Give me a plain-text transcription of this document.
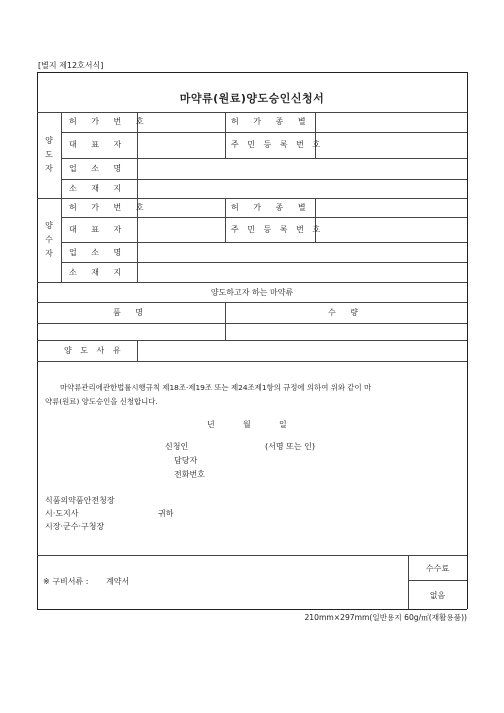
[별지 제12호서식]
마약류(원료)양도승인신청서
양
도
자
허 가 번 호	허 가 종 별
대 표 자	주 민 등 록 번 호
업 소 명
소 재 지
양
수
자
허 가 번 호	허 가 종 별
대 표 자	주 민 등 록 번 호
업 소 명
소 재 지
양도하고자 하는 마약류
품 명	수 량
양 도 사 유
마약류관리에관한법률시행규칙 제18조·제19조 또는 제24조제1항의 규정에 의하여 위와 같이 마
약류(원료) 양도승인을 신청합니다.
년	월	일
신청인	(서명 또는 인)
담당자
전화번호
식품의약품안전청장
시·도지사	귀하
시장·군수·구청장
※ 구비서류 : 계약서
수수료
없음
210mm×297mm(일반용지 60g/㎡(재활용품))
